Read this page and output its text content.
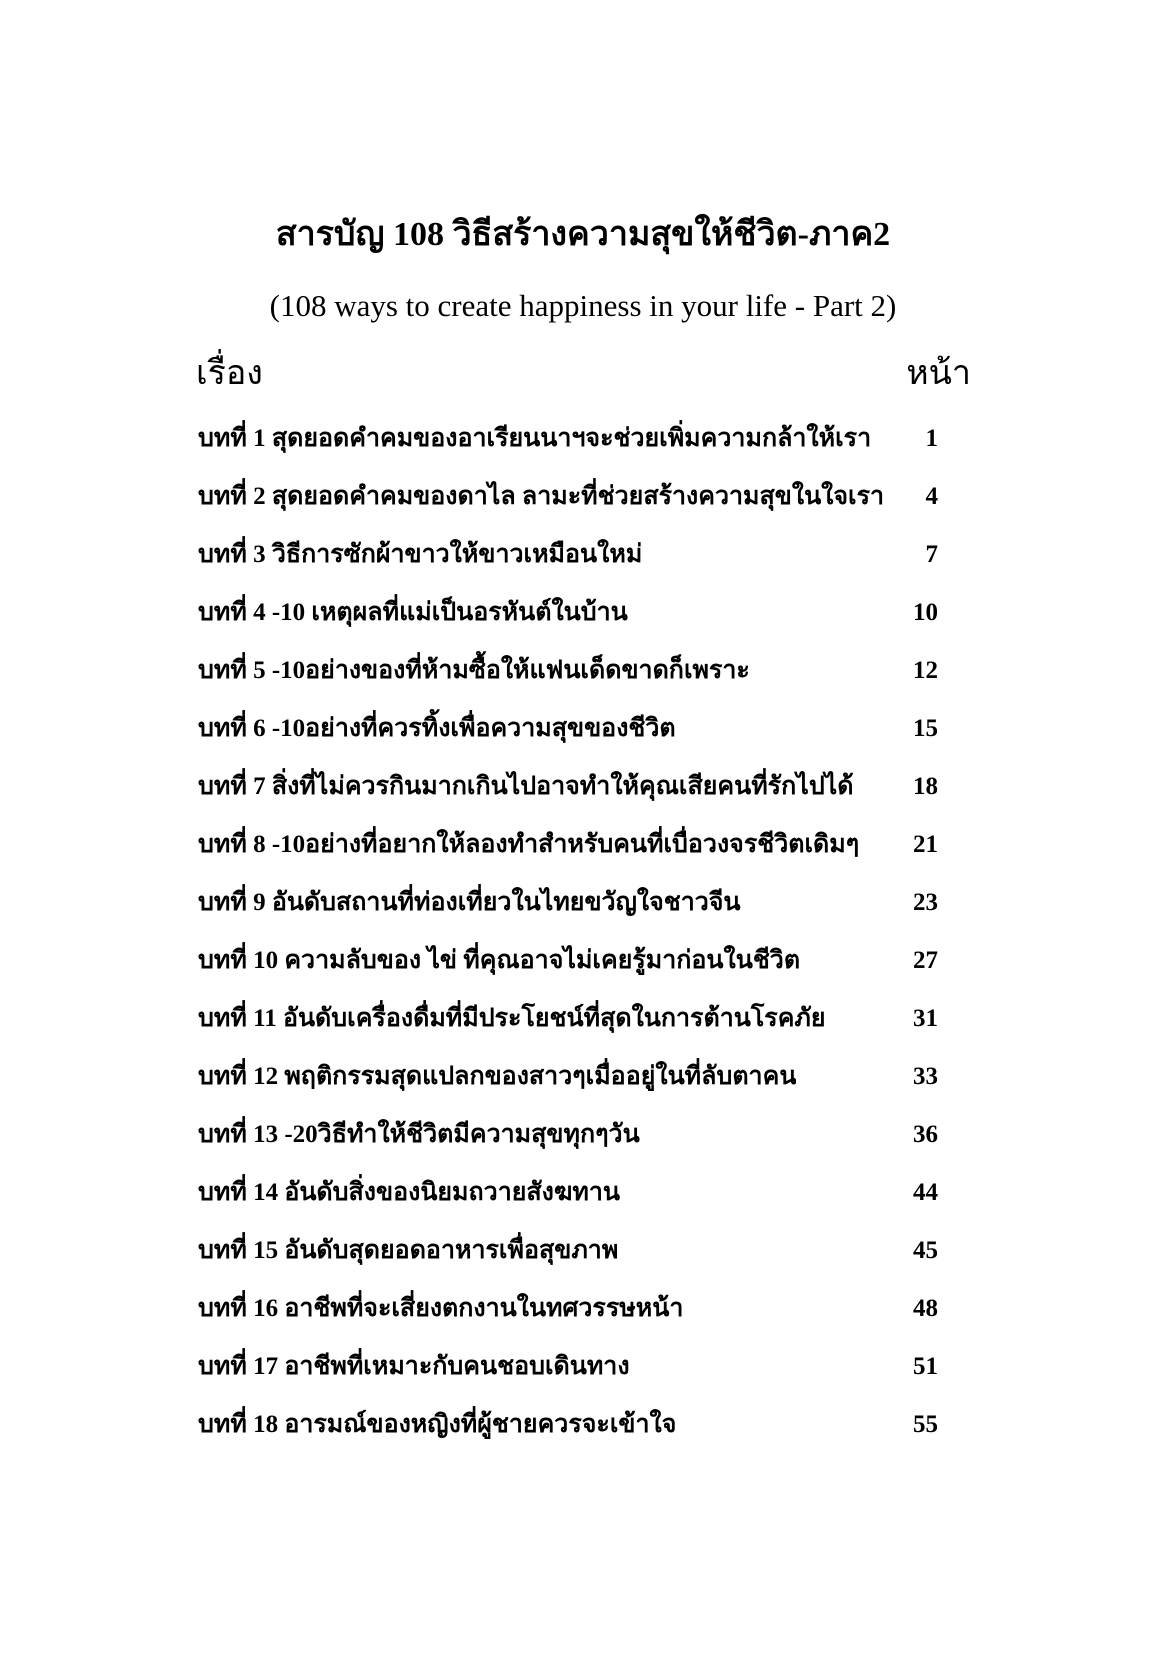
สารบัญ 108 วิธีสร้างความสุขให้ชีวิต-ภาค2
(108 ways to create happiness in your life - Part 2)
เรื่อง	หน้า
บทที่ 1 สุดยอดคำคมของอาเรียนนาฯจะช่วยเพิ่มความกล้าให้เรา 1
บทที่ 2 สุดยอดคำคมของดาไล ลามะที่ช่วยสร้างความสุขในใจเรา 4
บทที่ 3 วิธีการซักผ้าขาวให้ขาวเหมือนใหม่	7
บทที่ 4 -10 เหตุผลที่แม่เป็นอรหันต์ในบ้าน	10
บทที่ 5 -10อย่างของที่ห้ามซื้อให้แฟนเด็ดขาดก็เพราะ	12
บทที่ 6 -10อย่างที่ควรทิ้งเพื่อความสุขของชีวิต	15
บทที่ 7 สิ่งที่ไม่ควรกินมากเกินไปอาจทำให้คุณเสียคนที่รักไปได้ 18
บทที่ 8 -10อย่างที่อยากให้ลองทำสำหรับคนที่เบื่อวงจรชีวิตเดิมๆ 21
บทที่ 9 อันดับสถานที่ท่องเที่ยวในไทยขวัญใจชาวจีน	23
บทที่ 10 ความลับของ ไข่ ที่คุณอาจไม่เคยรู้มาก่อนในชีวิต	27
บทที่ 11 อันดับเครื่องดื่มที่มีประโยชน์ที่สุดในการต้านโรคภัย	31
บทที่ 12 พฤติกรรมสุดแปลกของสาวๆเมื่ออยู่ในที่ลับตาคน	33
บทที่ 13 -20วิธีทำให้ชีวิตมีความสุขทุกๆวัน	36
บทที่ 14 อันดับสิ่งของนิยมถวายสังฆทาน	44
บทที่ 15 อันดับสุดยอดอาหารเพื่อสุขภาพ	45
บทที่ 16 อาชีพที่จะเสี่ยงตกงานในทศวรรษหน้า	48
บทที่ 17 อาชีพที่เหมาะกับคนชอบเดินทาง	51
บทที่ 18 อารมณ์ของหญิงที่ผู้ชายควรจะเข้าใจ	55
